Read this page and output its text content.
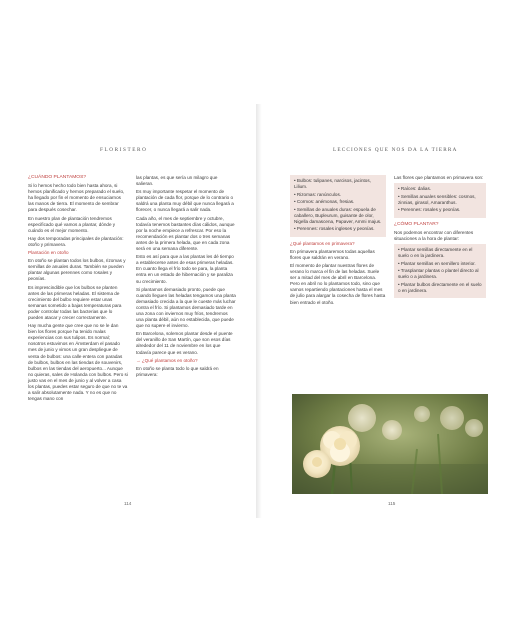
FLORISTERO	LECCIONES QUE NOS DA LA TIERRA

¿CUÁNDO PLANTAMOS?

Si lo hemos hecho todo bien hasta ahora, si hemos planificado y hemos preparado el suelo, ha llegado por fin el momento de ensuciarnos las manos de tierra. El momento de sembrar para después cosechar.

En nuestro plan de plantación tendremos especificado qué vamos a plantar, dónde y cuándo es el mejor momento.

Hay dos temporadas principales de plantación: otoño y primavera.

Plantación en otoño

En otoño se plantan todos los bulbos, rizomas y semillas de anuales duras. También se pueden plantar algunas perennes como rosales y peonías.

Es imprescindible que los bulbos se planten antes de las primeras heladas. El sistema de crecimiento del bulbo requiere estar unas semanas sometido a bajas temperaturas para poder controlar todas las bacterias que lo pueden atacar y crecer correctamente.

Hay mucha gente que cree que no se le dan bien los flores porque ha tenido malas experiencias con sus tulipos. Es normal; nosotros estuvimos en Ámsterdam el pasado mes de junio y vimos un gran despliegue de venta de bulbos: una calle entera con paradas de bulbos, bulbos en las tiendas de souvenirs, bulbos en las tiendas del aeropuerto... Aunque no quieras, sales de Holanda con bulbos. Pero si justo vas en el mes de junio y al volver a casa los plantas, puedes estar seguro de que no te va a salir absolutamente nada. Y no es que no tengas mano con

las plantas, es que sería un milagro que salieran.

Es muy importante respetar el momento de plantación de cada flor, porque de lo contrario o saldrá una planta muy débil que nunca llegará a florecer, o nunca llegará a salir nada.

Cada año, el mes de septiembre y octubre, todavía tenemos bastantes días cálidos, aunque por la noche empiece a refrescar. Por eso la recomendación es plantar dos o tres semanas antes de la primera helada, que en cada zona será en una semana diferente.

Esto es así para que a las plantas les dé tiempo a establecerse antes de esas primeras heladas. En cuanto llega el frío todo se para, la planta entra en un estado de hibernación y se paraliza su crecimiento.

Si plantamos demasiado pronto, puede que cuando lleguen las heladas tengamos una planta demasiado crecida a la que le cueste más luchar contra el frío. Si plantamos demasiado tarde en una zona con inviernos muy fríos, tendremos una planta débil, aún no establecida, que puede que no supere el invierno.

En Barcelona, solemos plantar desde el puente del veranillo de San Martín, que son esos días alrededor del 11 de noviembre en los que todavía parece que es verano.

→ ¿Qué plantamos en otoño?

En otoño se planta todo lo que saldrá en primavera:

114

• Bulbos: tulipanes, narcisos, jacintos, Lilium.

• Rizomas: ranúnculos.

• Cormos: anémonas, fresias.

• Semillas de anuales duras: espuela de caballero, Bupleurum, guisante de olor, Nigella damascena, Papaver, Ammi majus.

• Perennes: rosales ingleses y peonías.

¿Qué plantamos en primavera?

En primavera plantaremos todas aquellas flores que saldrán en verano.

El momento de plantar nuestras flores de verano lo marca el fin de las heladas. Suele ser a mitad del mes de abril en Barcelona. Pero en abril no lo plantamos todo, sino que vamos repartiendo plantaciones hasta el mes de julio para alargar la cosecha de flores hasta bien entrado el otoño.

Las flores que plantamos en primavera son:

• Raíces: dalias.

• Semillas anuales sensibles: cosmos, zinnias, girasol, Amaranthus.

• Perennes: rosales y peonías.

¿CÓMO PLANTAR?

Nos podemos encontrar con diferentes situaciones a la hora de plantar:

• Plantar semillas directamente en el suelo o en la jardinera.

• Plantar semillas en semillero interior.

• Trasplantar plantas o plantel directo al suelo o a jardinera.

• Plantar bulbos directamente en el suelo o en jardinera.

115
